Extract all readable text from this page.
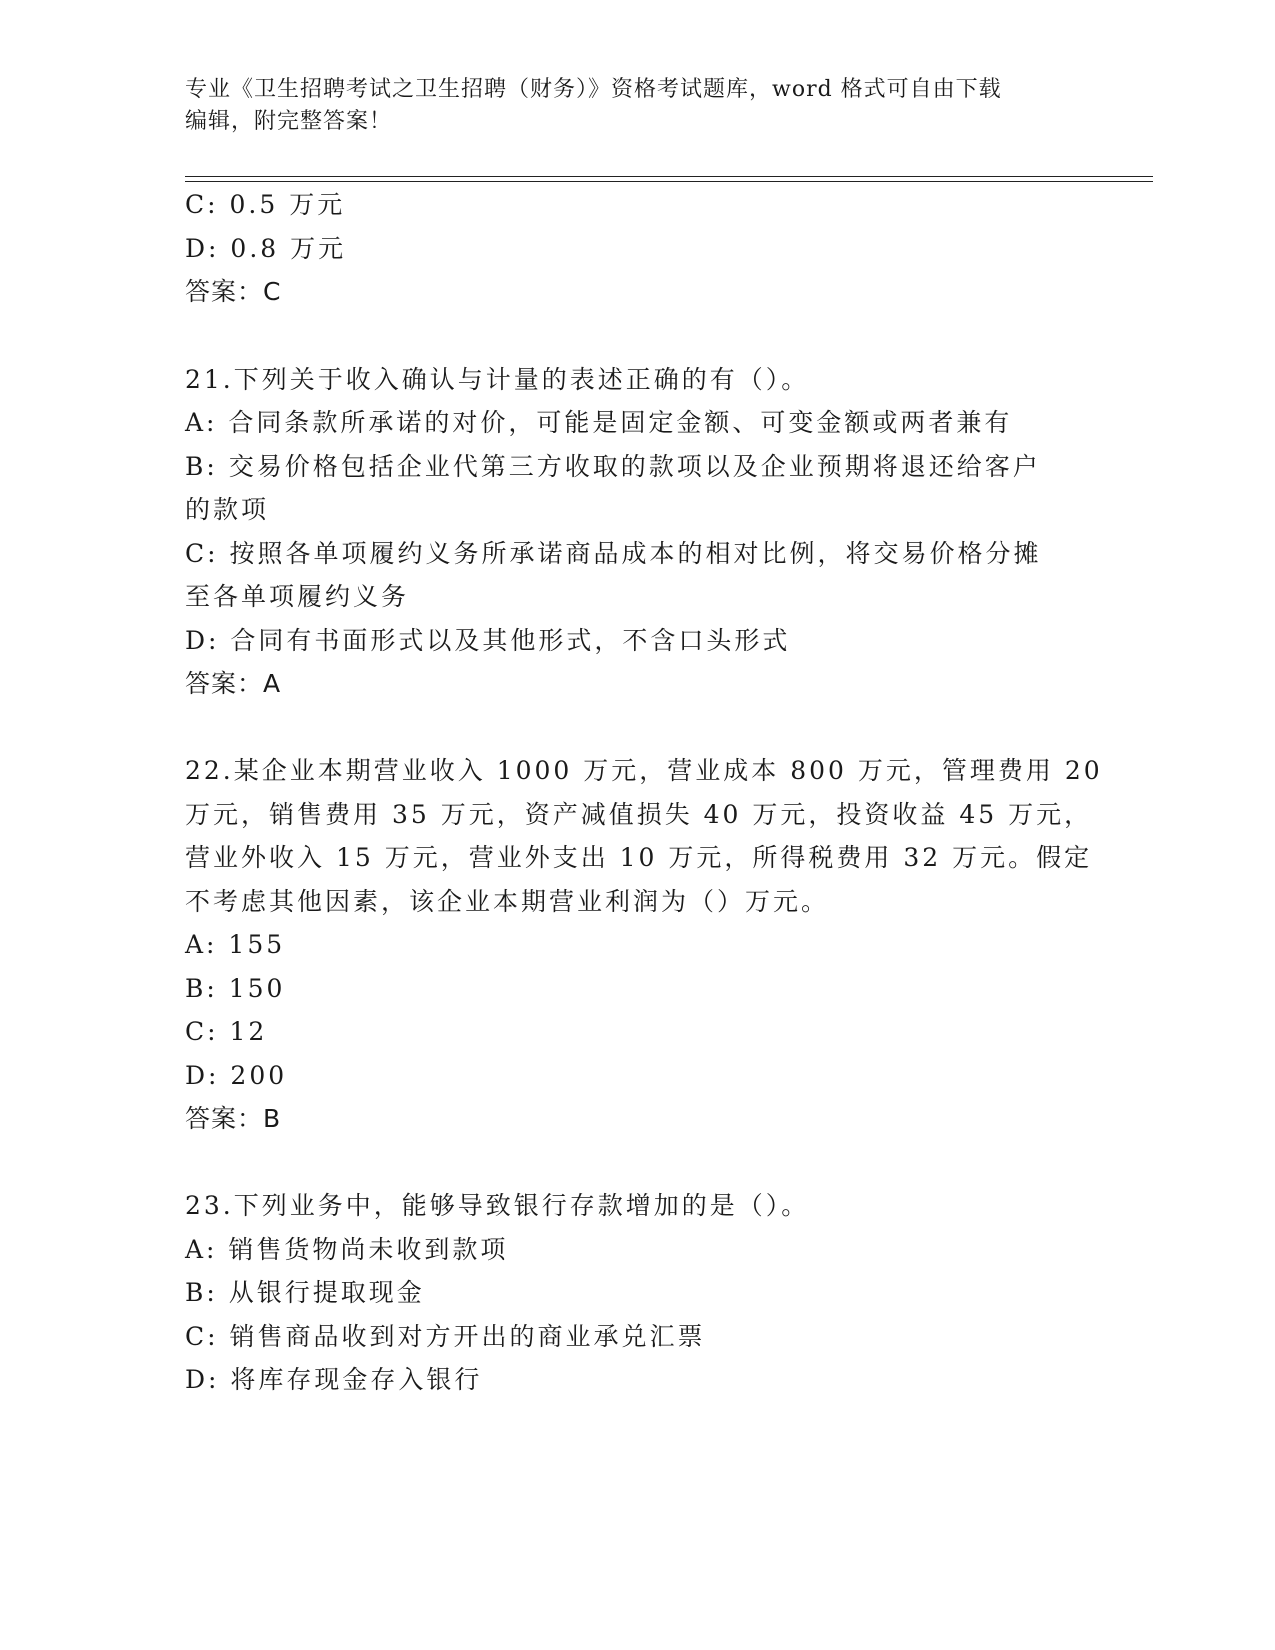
专业《卫生招聘考试之卫生招聘（财务）》资格考试题库，word 格式可自由下载
编辑，附完整答案！
C: 0.5 万元
D: 0.8 万元
答案：C
21.下列关于收入确认与计量的表述正确的有（）。
A: 合同条款所承诺的对价，可能是固定金额、可变金额或两者兼有
B: 交易价格包括企业代第三方收取的款项以及企业预期将退还给客户
的款项
C: 按照各单项履约义务所承诺商品成本的相对比例，将交易价格分摊
至各单项履约义务
D: 合同有书面形式以及其他形式，不含口头形式
答案：A
22.某企业本期营业收入 1000 万元，营业成本 800 万元，管理费用 20
万元，销售费用 35 万元，资产减值损失 40 万元，投资收益 45 万元，
营业外收入 15 万元，营业外支出 10 万元，所得税费用 32 万元。假定
不考虑其他因素，该企业本期营业利润为（）万元。
A: 155
B: 150
C: 12
D: 200
答案：B
23.下列业务中，能够导致银行存款增加的是（）。
A: 销售货物尚未收到款项
B: 从银行提取现金
C: 销售商品收到对方开出的商业承兑汇票
D: 将库存现金存入银行
